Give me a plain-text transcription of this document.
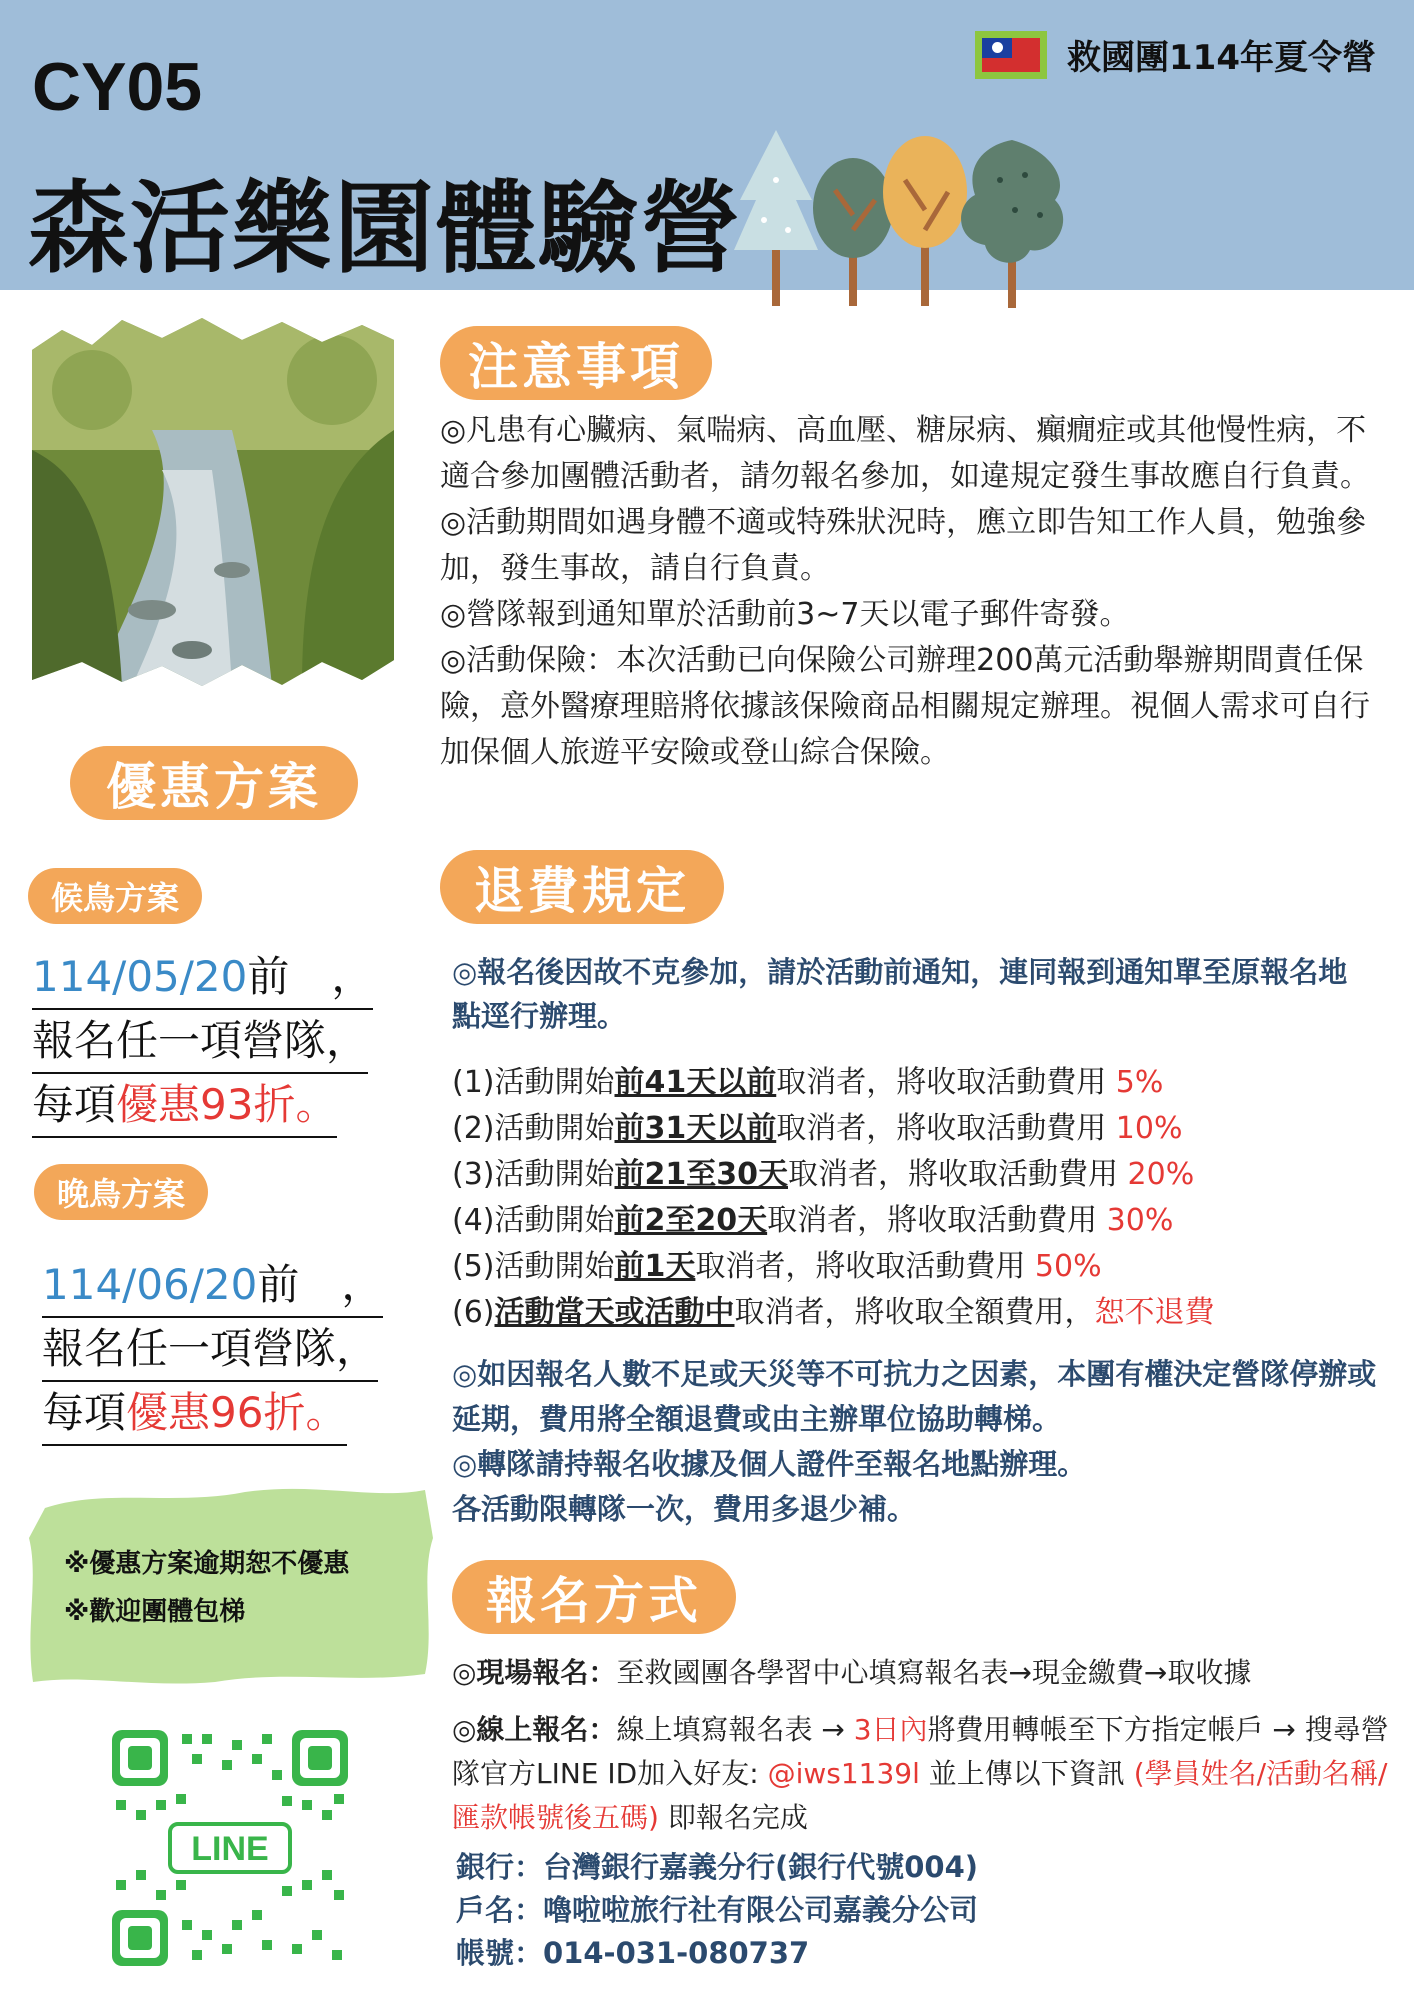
CY05
森活樂園體驗營
救國團114年夏令營
注意事項

◎凡患有心臟病、氣喘病、高血壓、糖尿病、癲癇症或其他慢性病，不適合參加團體活動者，請勿報名參加，如違規定發生事故應自行負責。

◎活動期間如遇身體不適或特殊狀況時，應立即告知工作人員，勉強參加，發生事故，請自行負責。

◎營隊報到通知單於活動前3~7天以電子郵件寄發。

◎活動保險：本次活動已向保險公司辦理200萬元活動舉辦期間責任保險，意外醫療理賠將依據該保險商品相關規定辦理。視個人需求可自行加保個人旅遊平安險或登山綜合保險。

退費規定
◎報名後因故不克參加，請於活動前通知，連同報到通知單至原報名地點逕行辦理。
(1)活動開始前41天以前取消者，將收取活動費用 5%
(2)活動開始前31天以前取消者，將收取活動費用 10%
(3)活動開始前21至30天取消者，將收取活動費用 20%
(4)活動開始前2至20天取消者，將收取活動費用 30%
(5)活動開始前1天取消者，將收取活動費用 50%
(6)活動當天或活動中取消者，將收取全額費用，恕不退費

◎如因報名人數不足或天災等不可抗力之因素，本團有權決定營隊停辦或延期，費用將全額退費或由主辦單位協助轉梯。

◎轉隊請持報名收據及個人證件至報名地點辦理。

各活動限轉隊一次，費用多退少補。

報名方式
◎現場報名：至救國團各學習中心填寫報名表→現金繳費→取收據
◎線上報名：線上填寫報名表 → 3日內將費用轉帳至下方指定帳戶 → 搜尋營隊官方LINE ID加入好友: @iws1139l 並上傳以下資訊 (學員姓名/活動名稱/匯款帳號後五碼) 即報名完成
銀行：台灣銀行嘉義分行(銀行代號004)
戶名：嚕啦啦旅行社有限公司嘉義分公司
帳號：014-031-080737
優惠方案
候鳥方案
114/05/20前　，
報名任一項營隊，
每項優惠93折。
晚鳥方案
114/06/20前　，
報名任一項營隊，
每項優惠96折。
※優惠方案逾期恕不優惠
※歡迎團體包梯
LINE
